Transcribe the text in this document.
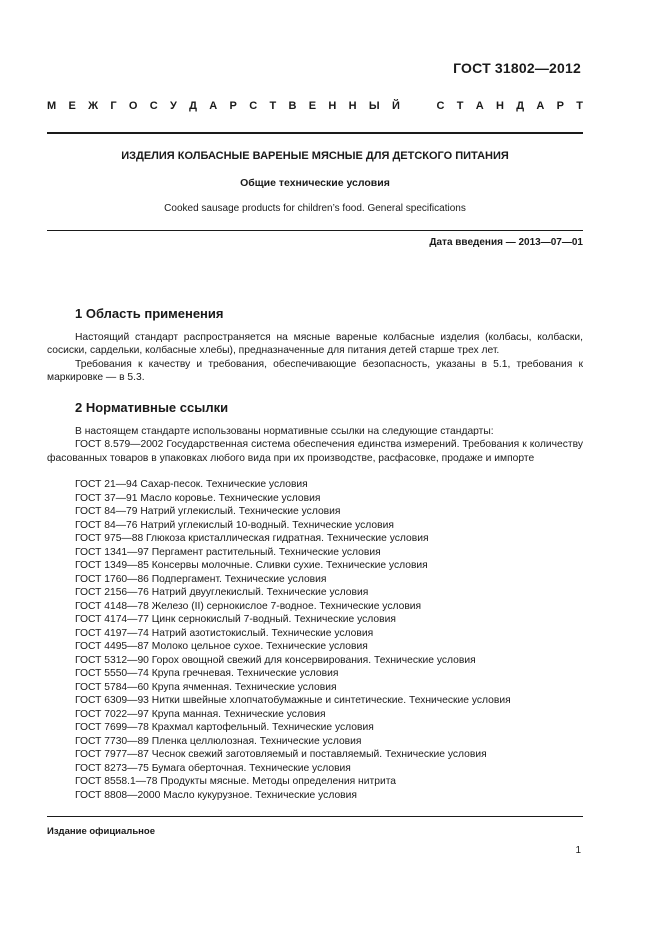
ГОСТ 31802—2012
М Е Ж Г О С У Д А Р С Т В Е Н Н Ы Й	С Т А Н Д А Р Т
ИЗДЕЛИЯ КОЛБАСНЫЕ ВАРЕНЫЕ МЯСНЫЕ ДЛЯ ДЕТСКОГО ПИТАНИЯ
Общие технические условия
Cooked sausage products for children’s food. General specifications
Дата введения — 2013—07—01
1 Область применения

Настоящий стандарт распространяется на мясные вареные колбасные изделия (колбасы, колбаски, сосиски, сардельки, колбасные хлебы), предназначенные для питания детей старше трех лет.

Требования к качеству и требования, обеспечивающие безопасность, указаны в 5.1, требования к маркировке — в 5.3.

2 Нормативные ссылки

В настоящем стандарте использованы нормативные ссылки на следующие стандарты:

ГОСТ 8.579—2002 Государственная система обеспечения единства измерений. Требования к количеству фасованных товаров в упаковках любого вида при их производстве, расфасовке, продаже и импорте

ГОСТ 21—94 Сахар-песок. Технические условия
ГОСТ 37—91 Масло коровье. Технические условия
ГОСТ 84—79 Натрий углекислый. Технические условия
ГОСТ 84—76 Натрий углекислый 10-водный. Технические условия
ГОСТ 975—88 Глюкоза кристаллическая гидратная. Технические условия
ГОСТ 1341—97 Пергамент растительный. Технические условия
ГОСТ 1349—85 Консервы молочные. Сливки сухие. Технические условия
ГОСТ 1760—86 Подпергамент. Технические условия
ГОСТ 2156—76 Натрий двууглекислый. Технические условия
ГОСТ 4148—78 Железо (II) сернокислое 7-водное. Технические условия
ГОСТ 4174—77 Цинк сернокислый 7-водный. Технические условия
ГОСТ 4197—74 Натрий азотистокислый. Технические условия
ГОСТ 4495—87 Молоко цельное сухое. Технические условия
ГОСТ 5312—90 Горох овощной свежий для консервирования. Технические условия
ГОСТ 5550—74 Крупа гречневая. Технические условия
ГОСТ 5784—60 Крупа ячменная. Технические условия
ГОСТ 6309—93 Нитки швейные хлопчатобумажные и синтетические. Технические условия
ГОСТ 7022—97 Крупа манная. Технические условия
ГОСТ 7699—78 Крахмал картофельный. Технические условия
ГОСТ 7730—89 Пленка целлюлозная. Технические условия
ГОСТ 7977—87 Чеснок свежий заготовляемый и поставляемый. Технические условия
ГОСТ 8273—75 Бумага оберточная. Технические условия
ГОСТ 8558.1—78 Продукты мясные. Методы определения нитрита
ГОСТ 8808—2000 Масло кукурузное. Технические условия
Издание официальное
1
